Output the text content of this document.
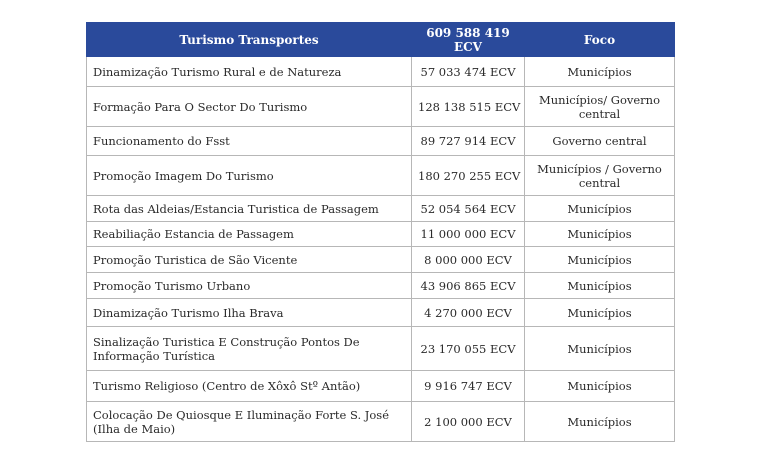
Turismo Transportes	609 588 419 ECV	Foco
Dinamização Turismo Rural e de Natureza	57 033 474 ECV	Municípios
Formação Para O Sector Do Turismo	128 138 515 ECV	Municípios/ Governo central
Funcionamento do Fsst	89 727 914 ECV	Governo central
Promoção Imagem Do Turismo	180 270 255 ECV	Municípios / Governo central
Rota das Aldeias/Estancia Turistica de Passagem	52 054 564 ECV	Municípios
Reabiliação Estancia de Passagem	11 000 000 ECV	Municípios
Promoção Turistica de São Vicente	8 000 000 ECV	Municípios
Promoção Turismo Urbano	43 906 865 ECV	Municípios
Dinamização Turismo Ilha Brava	4 270 000 ECV	Municípios
Sinalização Turistica E Construção Pontos De Informação Turística	23 170 055 ECV	Municípios
Turismo Religioso (Centro de Xôxô Stº Antão)	9 916 747 ECV	Municípios
Colocação De Quiosque E Iluminação Forte S. José (Ilha de Maio)	2 100 000 ECV	Municípios
